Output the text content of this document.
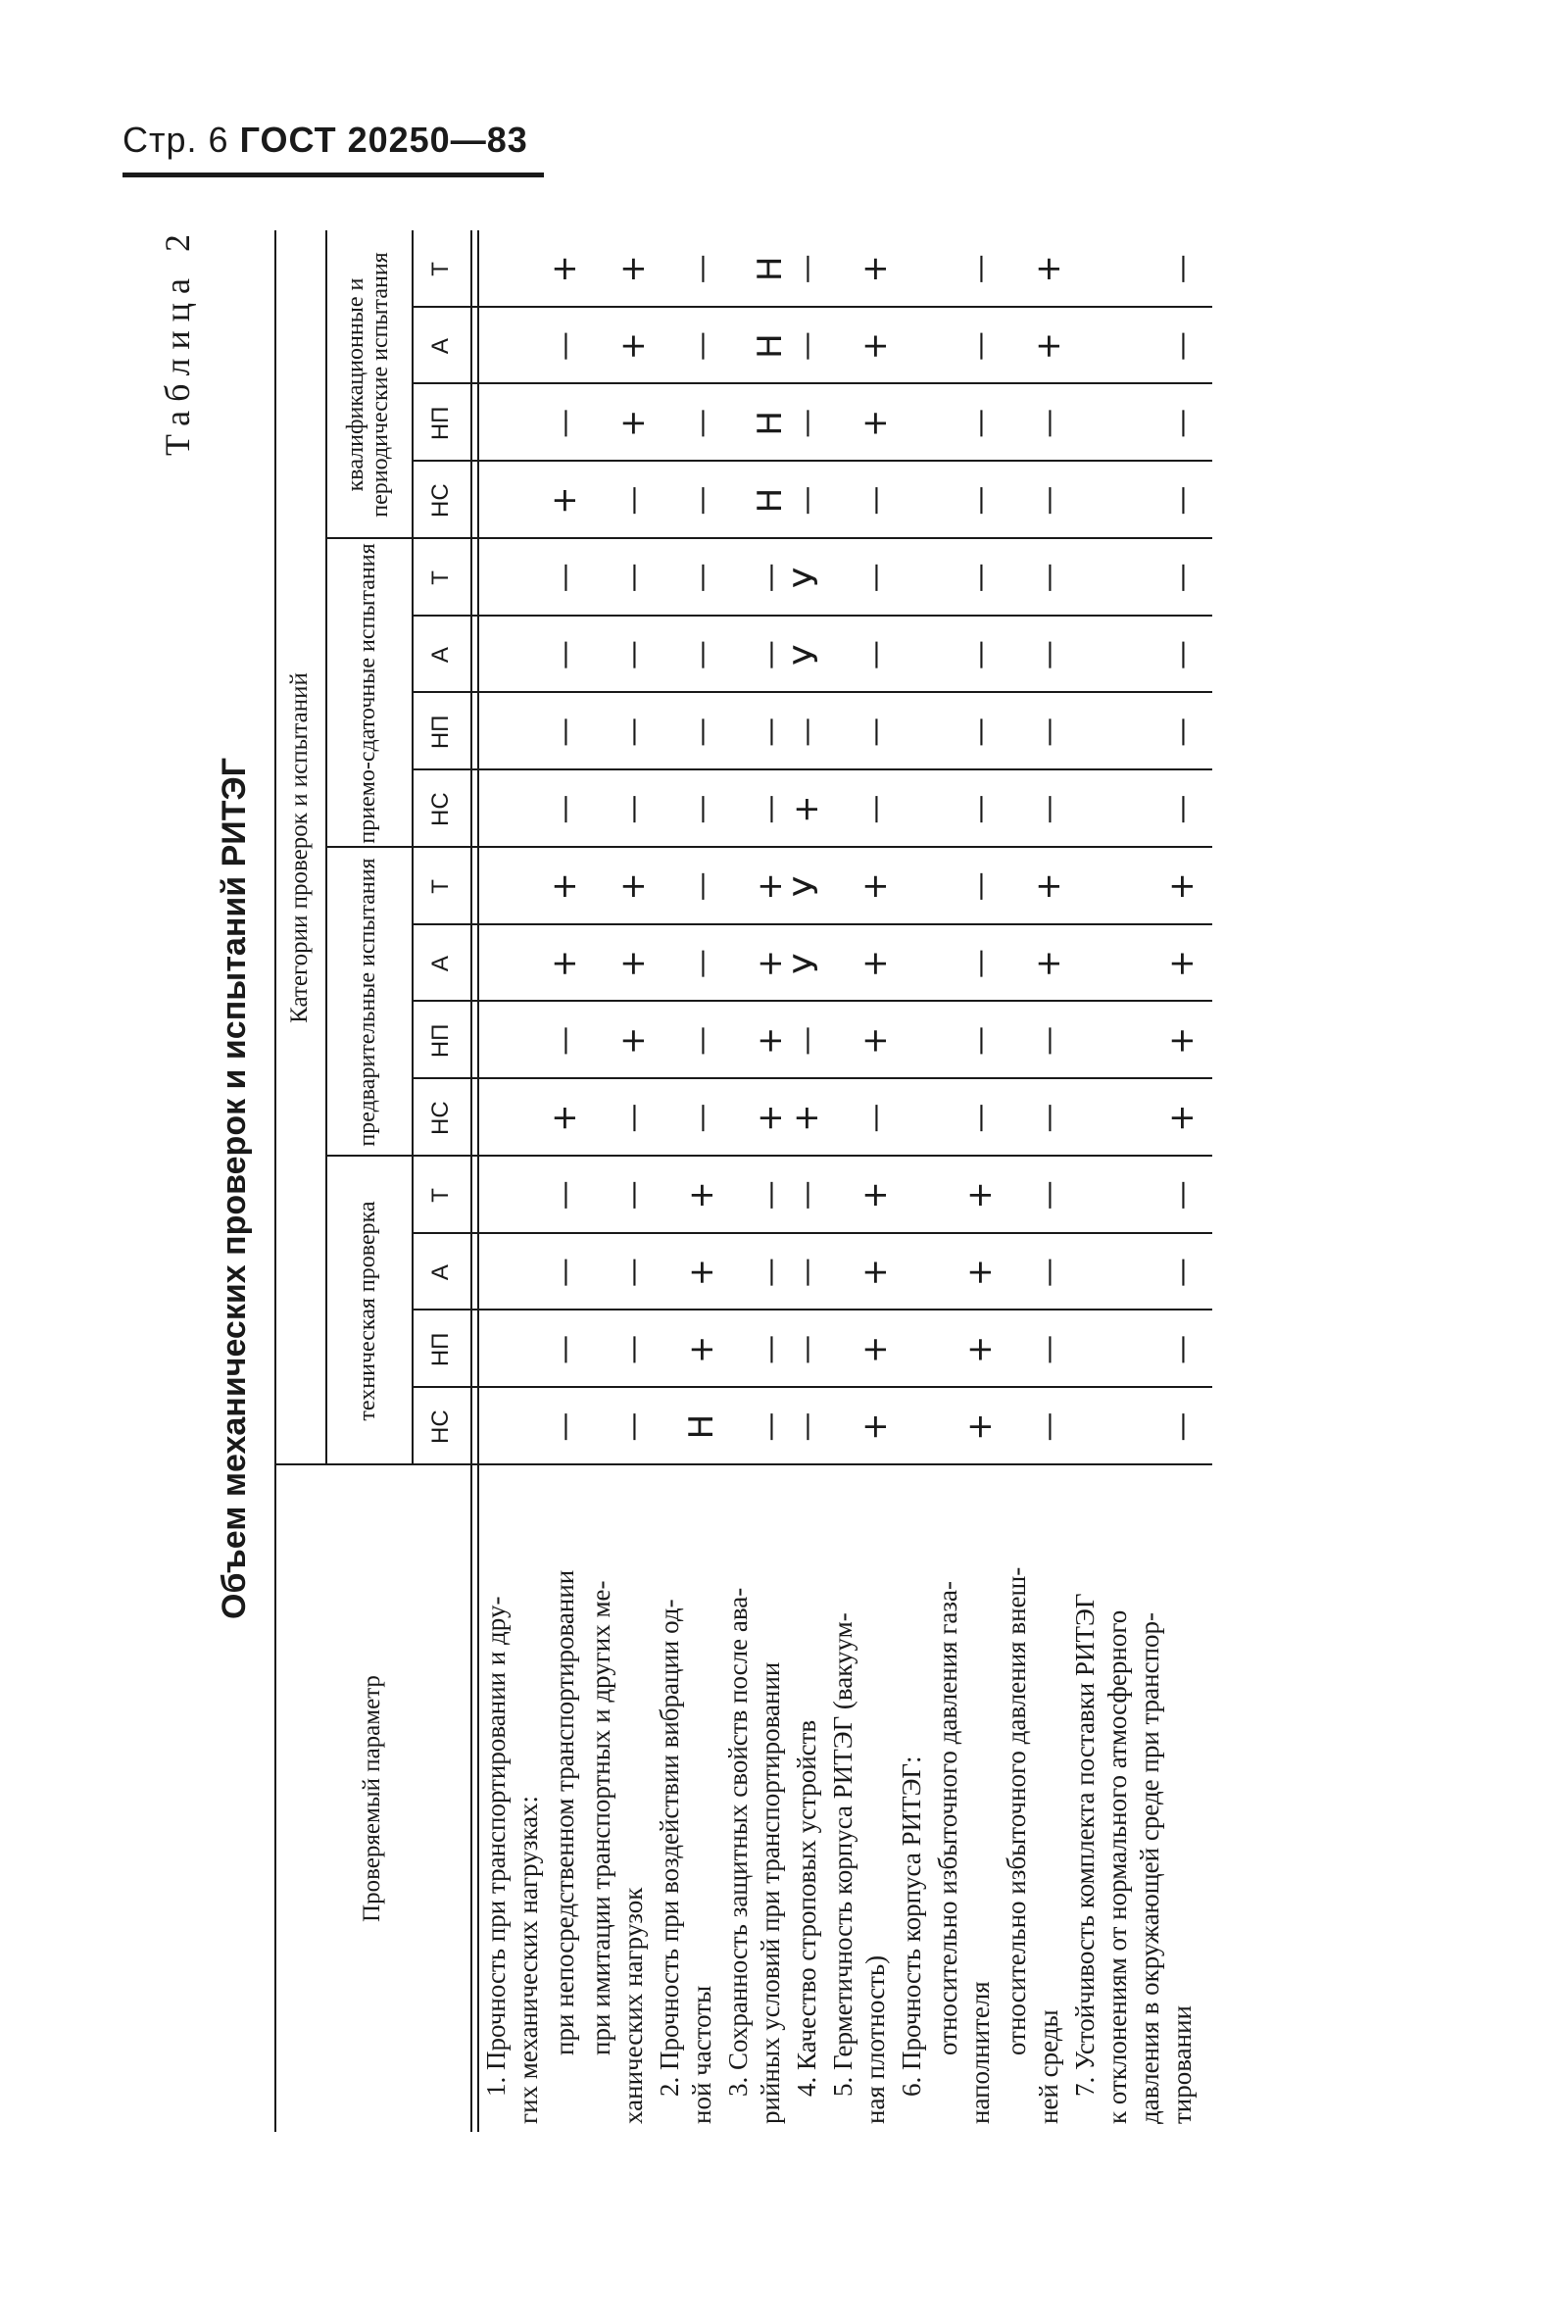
Стр. 6 ГОСТ 20250—83
Таблица 2
Объем механических проверок и испытаний РИТЭГ
Проверяемый параметр
Категории проверок и испытаний
техническая проверка
предварительные испытания
приемо-сдаточные испытания
квалификационные и периодические испытания
1. Прочность при транспортировании и дру- гих механических нагрузках: при непосредственном транспортировании
—
—
—
—
+
—
+
+
—
—
—
—
+
—
—
+
при имитации транспортных и других ме- ханических нагрузок
—
—
—
—
—
+
+
+
—
—
—
—
—
+
+
+
2. Прочность при воздействии вибрации од- ной частоты
Н
+
+
+
—
—
—
—
—
—
—
—
—
—
—
—
3. Сохранность защитных свойств после ава- рийных условий при транспортировании
—
—
—
—
+
+
+
+
—
—
—
—
Н
Н
Н
Н
4. Качество строповых устройств
—
—
—
—
+
—
У
У
+
—
У
У
—
—
—
—
5. Герметичность корпуса РИТЭГ (вакуум- ная плотность)
+
+
+
+
—
+
+
+
—
—
—
—
—
+
+
+
6. Прочность корпуса РИТЭГ: относительно избыточного давления газа- наполнителя
+
+
+
+
—
—
—
—
—
—
—
—
—
—
—
—
относительно избыточного давления внеш-
ней среды
—
—
—
—
—
—
+
+
—
—
—
—
—
—
+
+
7. Устойчивость комплекта поставки РИТЭГ к отклонениям от нормального атмосферного давления в окружающей среде при транспор- тировании
—
—
—
—
+
+
+
+
—
—
—
—
—
—
—
—
НС
НП
А
Т
НС
НП
А
Т
НС
НП
А
Т
НС
НП
А
Т
